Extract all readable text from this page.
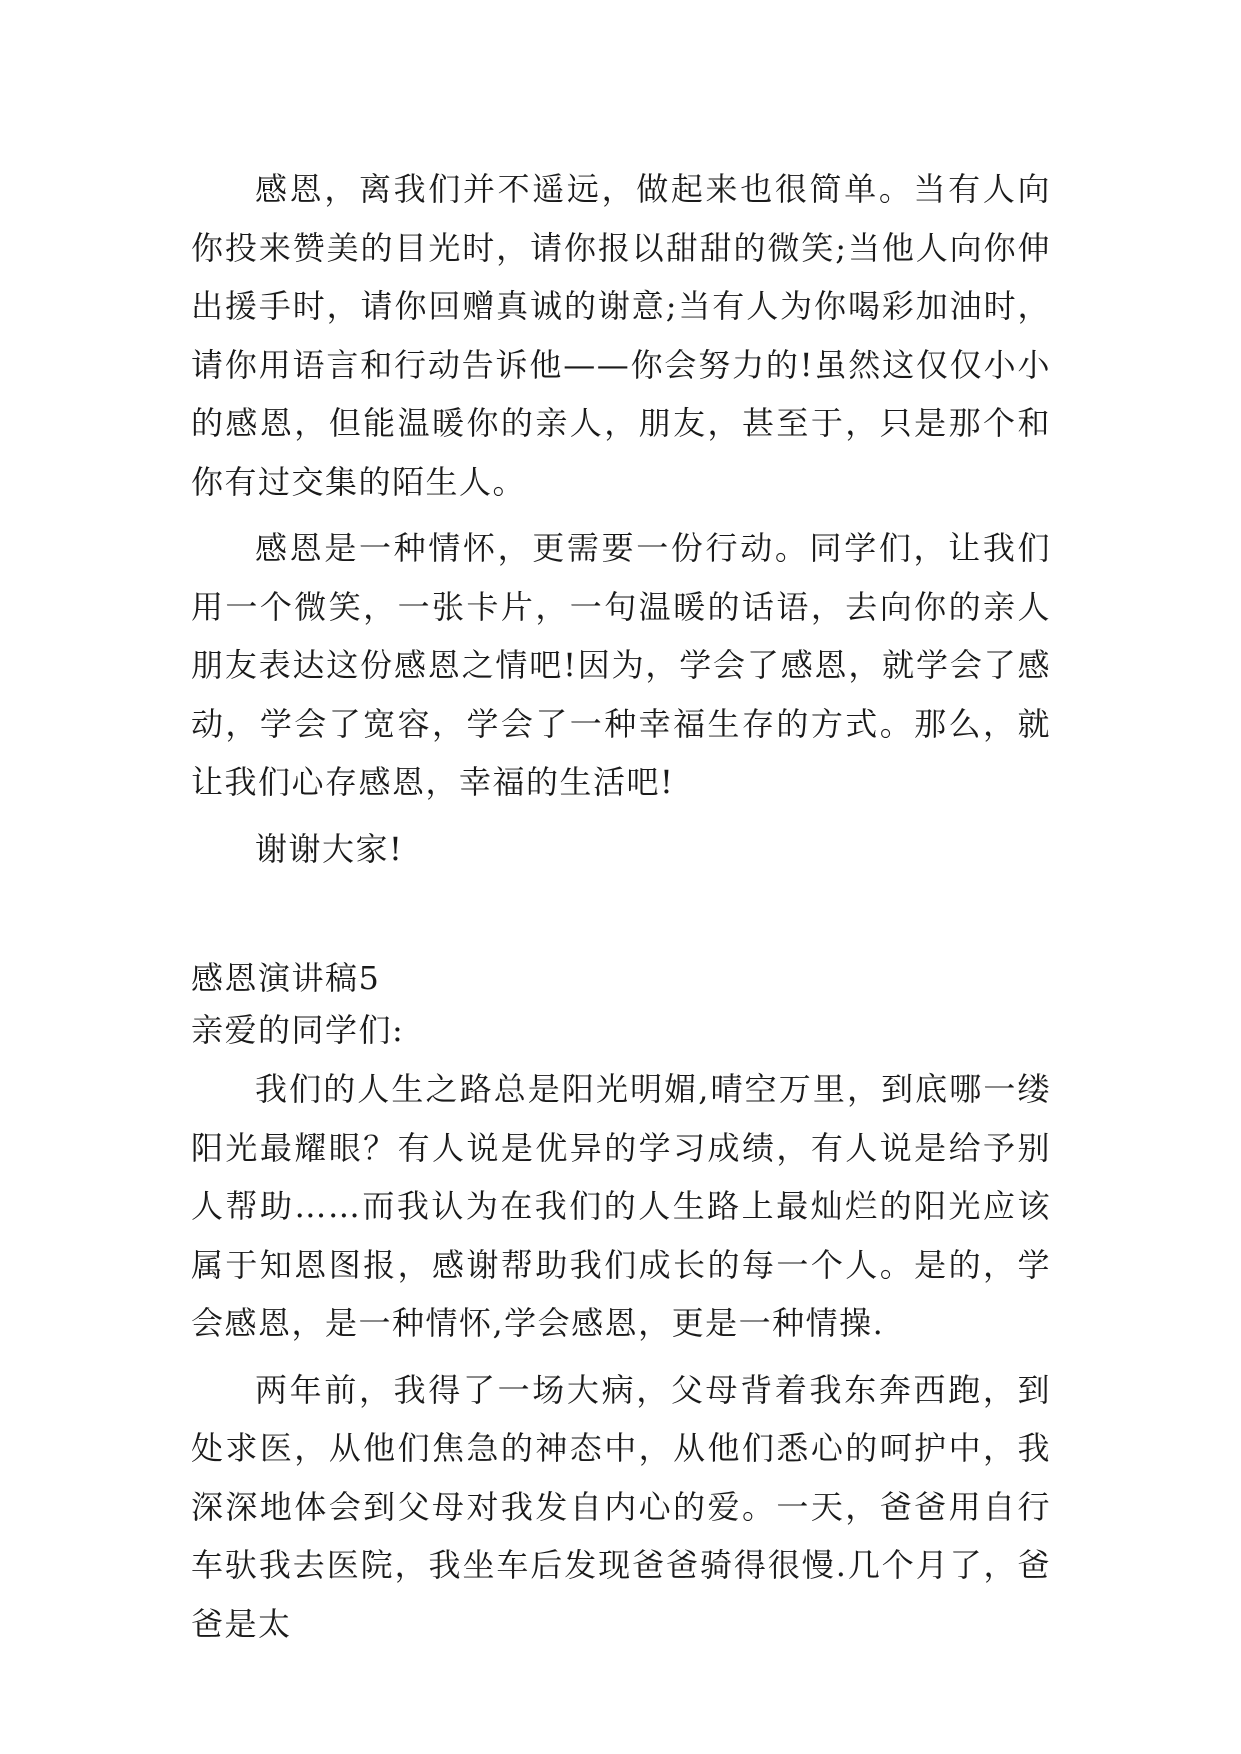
感恩，离我们并不遥远，做起来也很简单。当有人向你投来赞美的目光时，请你报以甜甜的微笑;当他人向你伸出援手时，请你回赠真诚的谢意;当有人为你喝彩加油时，请你用语言和行动告诉他——你会努力的!虽然这仅仅小小的感恩，但能温暖你的亲人，朋友，甚至于，只是那个和你有过交集的陌生人。

感恩是一种情怀，更需要一份行动。同学们，让我们用一个微笑，一张卡片，一句温暖的话语，去向你的亲人朋友表达这份感恩之情吧!因为，学会了感恩，就学会了感动，学会了宽容，学会了一种幸福生存的方式。那么，就让我们心存感恩，幸福的生活吧!

谢谢大家!

感恩演讲稿5

亲爱的同学们:

我们的人生之路总是阳光明媚,晴空万里，到底哪一缕阳光最耀眼？有人说是优异的学习成绩，有人说是给予别人帮助……而我认为在我们的人生路上最灿烂的阳光应该属于知恩图报，感谢帮助我们成长的每一个人。是的，学会感恩，是一种情怀,学会感恩，更是一种情操.

两年前，我得了一场大病，父母背着我东奔西跑，到处求医，从他们焦急的神态中，从他们悉心的呵护中，我深深地体会到父母对我发自内心的爱。一天，爸爸用自行车驮我去医院，我坐车后发现爸爸骑得很慢.几个月了，爸爸是太
